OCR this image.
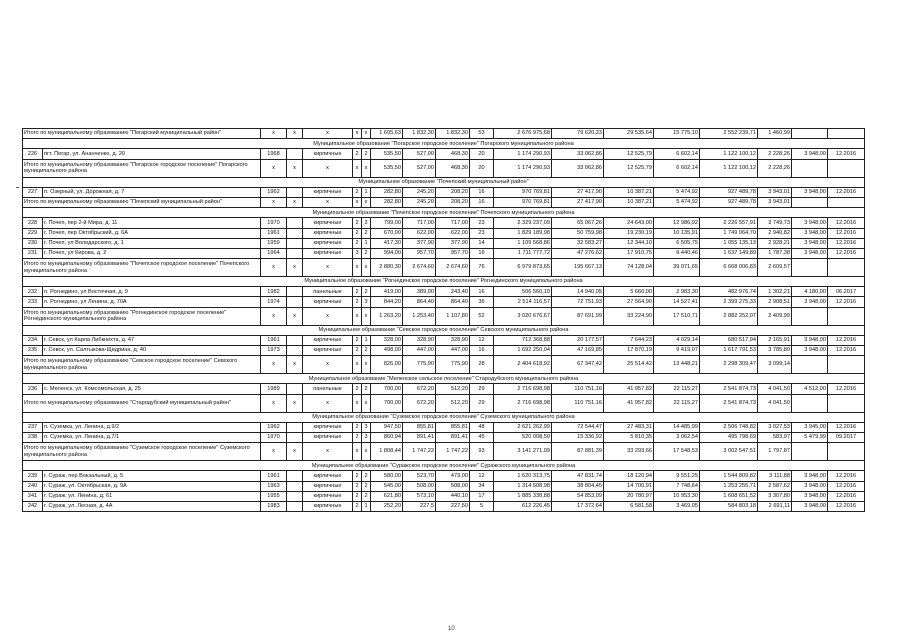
Итого по муниципальному образованию "Погарский муниципальный район"		x	x	x	x	x	1 605,63	1 832,30	1 832,30	53	2 676 975,68	79 620,23	29 535,64	15 775,10	2 552 239,71	1 460,99		
Муниципальное образование "Погарское городское поселение" Погарского муниципального района																		
226	пгт. Погар, ул. Ананченко, д. 20	1968		кирпичные	2	2	535,50	527,00	468,30	20	1 174 290,93	33 062,86	12 525,79	6 602,14	1 122 100,12	2 228,26	3 948,00	12.2016
Итого по муниципальному образованию "Погарское городское поселение" Погарского муниципального района		x	x	x	x	x	535,50	527,00	468,30	20	1 174 290,93	33 062,86	12 525,79	6 602,14	1 122 100,12	2 228,26		
Муниципальное образование "Почепский муниципальный район"																		
227	п. Озерный, ул. Дорожная, д. 7	1962		кирпичные	2	1	282,80	245,20	208,20	16	970 769,81	27 417,90	10 387,21	5 474,92	927 489,78	3 943,01	3 948,00	12.2016
Итого по муниципальному образованию "Почепский муниципальный район"		x	x	x	x	x	282,80	245,20	208,20	16	970 769,81	27 417,90	10 387,21	5 474,92	927 489,78	3 943,01		
Муниципальное образование "Почепское городское поселение" Почепского муниципального района																		
228	г. Почеп, пер 2-й Мира, д. 11	1970		кирпичные	2	2	799,00	717,00	717,00	23	2 329 237,09	65 067,26	24 643,00	12 986,92	2 226 557,91	3 749,73	3 948,00	12.2016
229	г. Почеп, пер Октябрьский, д. 6А	1961		кирпичные	2	2	670,00	622,00	622,00	23	1 829 189,98	50 759,98	19 230,19	10 135,91	1 749 064,70	2 940,82	3 948,00	12.2016
230	г. Почеп, ул Володарского, д. 1	1959		кирпичные	2	1	417,30	377,90	377,90	14	1 109 568,86	32 583,27	12 344,10	6 505,75	1 055 135,13	2 928,21	3 948,00	12.2016
231	г. Почеп, ул Кирова, д. 2	1964		кирпичные	3	2	994,00	957,70	957,70	16	1 711 777,72	47 276,62	17 910,75	9 440,46	1 637 149,89	1 787,38	3 948,00	12.2016
Итого по муниципальному образованию "Почепское городское поселение" Почепского муниципального района		x	x	x	x	x	2 880,30	2 674,60	2 674,60	76	6 979 873,65	195 667,13	74 128,04	39 071,65	6 668 006,83	2 609,57		
Муниципальное образование "Рогнединское городское поселение" Рогнединского муниципального района																		
232	п. Рогнедино, ул Восточная, д. 9	1982		панельные	2	2	419,00	389,00	243,40	16	506 560,10	14 940,05	5 660,00	2 983,30	482 976,74	1 302,21	4 180,00	06.2017
233	п. Рогнедино, ул Ленина, д. 70А	1974		кирпичные	2	3	844,20	864,40	864,40	36	2 514 116,57	72 751,93	27 564,90	14 527,41	2 399 275,33	2 908,51	3 948,00	12.2016
Итого по муниципальному образованию "Рогнединское городское поселение" Рогнединского муниципального района		x	x	x	x	x	1 263,20	1 253,40	1 107,80	52	3 020 676,67	87 691,99	33 224,90	17 510,71	2 882 252,07	2 409,99		
Муниципальное образование "Севское городское поселение" Севского муниципального района																		
234	г. Севск, ул Карла Либкнехта, д. 47	1961		кирпичные	2	1	328,00	328,90	328,90	12	712 368,88	20 177,57	7 644,23	4 029,14	680 517,94	2 165,91	3 948,00	12.2016
235	г. Севск, ул. Салтыкова-Щедрина, д. 40	1973		кирпичные	2	2	498,00	447,00	447,00	16	1 692 250,04	47 169,85	17 870,19	9 419,07	1 617 791,53	3 785,80	3 948,00	12.2016
Итого по муниципальному образованию "Севское городское поселение" Севского муниципального района		x	x	x	x	x	826,00	775,90	775,90	28	2 404 618,92	67 347,42	25 514,42	13 448,21	2 298 309,47	3 099,14		
Муниципальное образование "Меленское сельское поселение" Стародубского муниципального района																		
236	с. Меленск, ул. Комсомольская, д. 25	1989		панельные	2	2	700,00	672,20	512,20	29	2 716 698,98	110 751,16	41 957,82	22 115,27	2 541 874,73	4 041,50	4 512,00	12.2016
Итого по муниципальному образованию "Стародубский муниципальный район"		x	x	x	x	x	700,00	672,20	512,20	29	2 716 698,98	110 751,16	41 957,82	22 115,27	2 541 874,73	4 041,50		
Муниципальное образование "Суземское городское поселение" Суземского муниципального района																		
237	п. Суземка, ул. Ленина, д.9/2	1962		кирпичные	2	3	947,50	855,81	855,81	48	2 621 262,99	72 544,47	27 483,31	14 485,99	2 506 748,82	3 027,53	3 945,00	12.2016
238	п. Суземка, ул. Ленина, д.7/1	1970		кирпичные	2	3	860,94	891,41	891,41	45	520 008,50	15 336,92	5 810,35	3 062,54	495 798,69	583,97	5 479,99	09.2017
Итого по муниципальному образованию "Суземское городское поселение" Суземского муниципального района		x	x	x	x	x	1 808,44	1 747,22	1 747,22	93	3 141 271,09	87 881,39	33 293,66	17 548,53	3 002 547,51	1 797,87		
Муниципальное образование "Суражское городское поселение" Суражского муниципального района																		
239	г. Сураж, пер Вокзальный, д. 5	1961		кирпичные	2	2	580,00	523,70	473,00	12	1 620 313,75	47 831,74	18 120,94	9 551,25	1 544 809,82	3 111,88	3 948,00	12.2016
240	г. Сураж, ул. Октябрьская, д. 9А	1963		кирпичные	2	2	545,00	508,00	508,00	34	1 314 508,98	38 804,45	14 700,91	7 748,64	1 253 255,71	2 587,62	3 948,00	12.2016
241	г. Сураж, ул. Ленина, д. 61	1955		кирпичные	2	2	621,80	573,10	440,10	17	1 885 338,88	54 853,09	20 780,97	10 953,30	1 608 651,52	3 307,80	3 948,00	12.2016
242	г. Сураж, ул. Лесная, д. 4А	1983		кирпичные	2	1	252,20	227,5	227,50	5	612 226,45	17 372,64	6 581,58	3 469,05	584 803,18	2 691,11	3 948,00	12.2016
10
